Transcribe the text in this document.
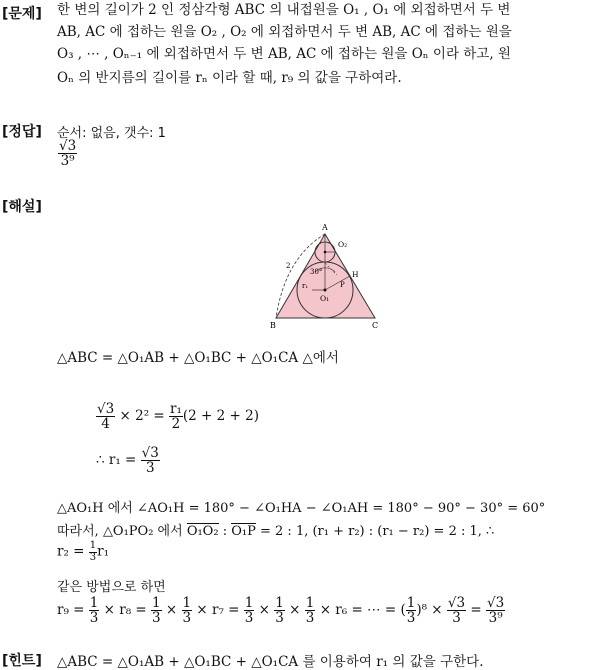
[문제] 한 변의 길이가 2 인 정삼각형 ABC 의 내접원을 O₁ , O₁ 에 외접하면서 두 변
AB, AC 에 접하는 원을 O₂ , O₂ 에 외접하면서 두 변 AB, AC 에 접하는 원을
O₃ , ⋯ , Oₙ₋₁ 에 외접하면서 두 변 AB, AC 에 접하는 원을 Oₙ 이라 하고, 원
Oₙ 의 반지름의 길이를 rₙ 이라 할 때, r₉ 의 값을 구하여라.
[정답] 순서: 없음, 갯수: 1
$\frac{√3}{\text{3⁹}}$
[해설]
A
B	C
O₂
O₁
H
P
r₁
2
30°
△ABC = △O₁AB + △O₁BC + △O₁CA △에서
$\frac{√3}{4} \times 2^2 = \frac{\text{r₁}}{2} (2 + 2 + 2)$
∴ $r_1 = \frac{√3}{3}$
△AO₁H 에서 ∠AO₁H = 180° − ∠O₁HA − ∠O₁AH = 180° − 90° − 30° = 60°
따라서, △O₁PO₂ 에서 O₁O₂ : O₁P = 2 : 1, (r₁ + r₂) : (r₁ − r₂) = 2 : 1, ∴
$r_2 = \frac{1}{3} r_1$
같은 방법으로 하면
$r_9 = \frac{1}{3} \times r_8 = \frac{1}{3} \times \frac{1}{3} \times r_7 = \frac{1}{3} \times \frac{1}{3} \times \frac{1}{3} \times r_6$ = ⋯ = ( $\frac{1}{3} )^8 \times \frac{√3}{3} = \frac{√3}{\text{3⁹}}$
[힌트] △ABC = △O₁AB + △O₁BC + △O₁CA 를 이용하여 r₁ 의 값을 구한다.
